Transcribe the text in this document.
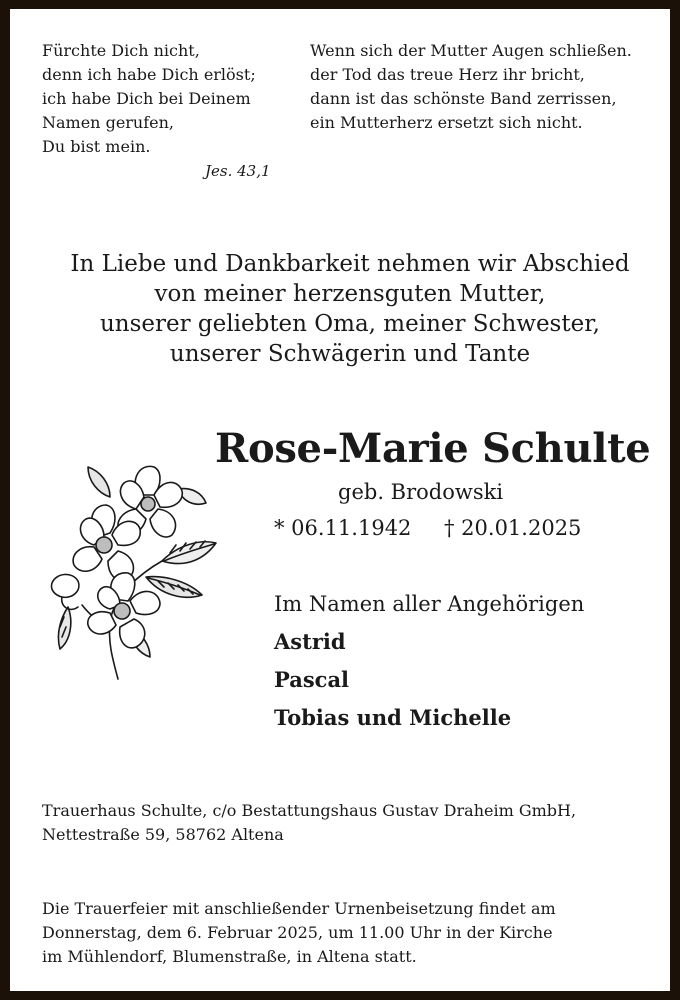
Fürchte Dich nicht,
denn ich habe Dich erlöst;
ich habe Dich bei Deinem
Namen gerufen,
Du bist mein.
Jes. 43,1
Wenn sich der Mutter Augen schließen.
der Tod das treue Herz ihr bricht,
dann ist das schönste Band zerrissen,
ein Mutterherz ersetzt sich nicht.
In Liebe und Dankbarkeit nehmen wir Abschied
von meiner herzensguten Mutter,
unserer geliebten Oma, meiner Schwester,
unserer Schwägerin und Tante
Rose-Marie Schulte
geb. Brodowski
* 06.11.1942 † 20.01.2025
Im Namen aller Angehörigen
Astrid
Pascal
Tobias und Michelle
Trauerhaus Schulte, c/o Bestattungshaus Gustav Draheim GmbH,
Nettestraße 59, 58762 Altena
Die Trauerfeier mit anschließender Urnenbeisetzung findet am
Donnerstag, dem 6. Februar 2025, um 11.00 Uhr in der Kirche
im Mühlendorf, Blumenstraße, in Altena statt.
